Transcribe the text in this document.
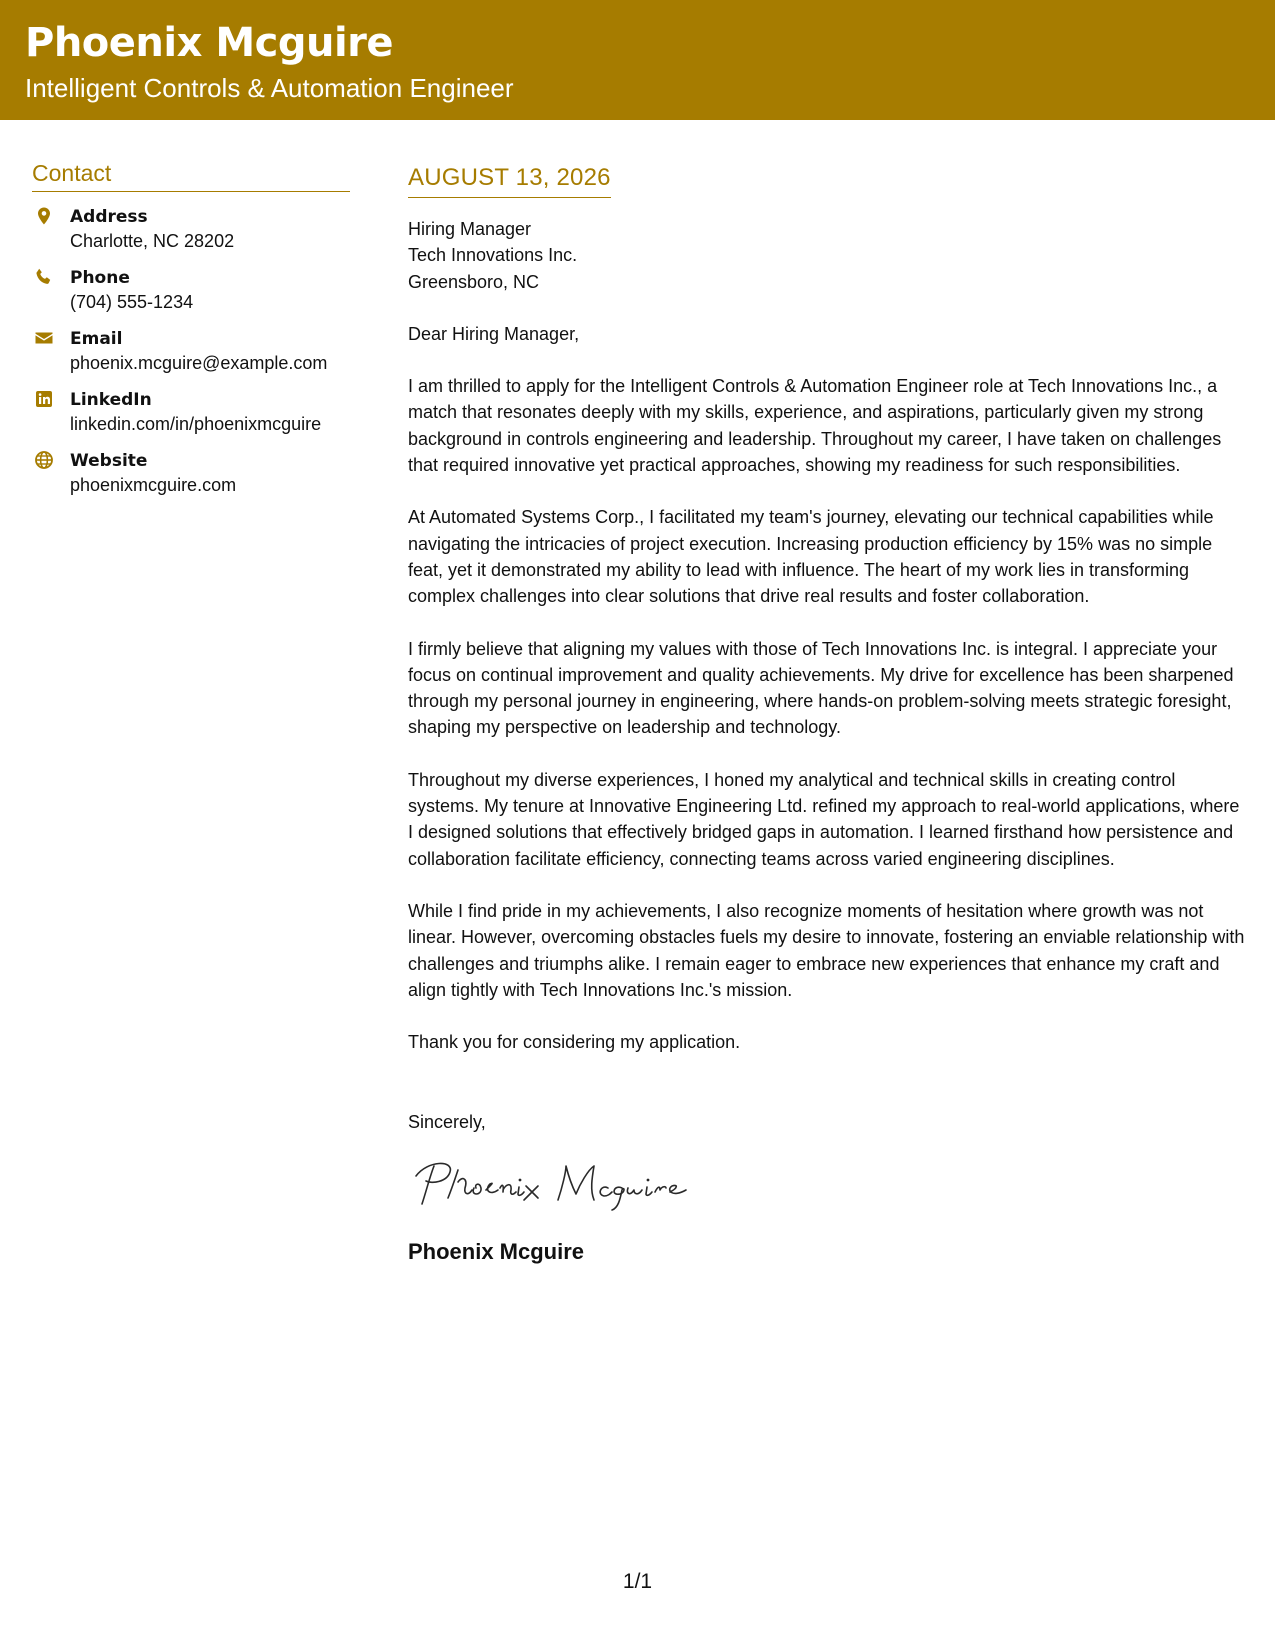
Phoenix Mcguire
Intelligent Controls & Automation Engineer
Contact
Address
Charlotte, NC 28202
Phone
(704) 555-1234
Email
phoenix.mcguire@example.com
LinkedIn
linkedin.com/in/phoenixmcguire
Website
phoenixmcguire.com
AUGUST 13, 2026
Hiring Manager
Tech Innovations Inc.
Greensboro, NC
Dear Hiring Manager,
I am thrilled to apply for the Intelligent Controls & Automation Engineer role at Tech Innovations Inc., a match that resonates deeply with my skills, experience, and aspirations, particularly given my strong background in controls engineering and leadership. Throughout my career, I have taken on challenges that required innovative yet practical approaches, showing my readiness for such responsibilities.
At Automated Systems Corp., I facilitated my team's journey, elevating our technical capabilities while navigating the intricacies of project execution. Increasing production efficiency by 15% was no simple feat, yet it demonstrated my ability to lead with influence. The heart of my work lies in transforming complex challenges into clear solutions that drive real results and foster collaboration.
I firmly believe that aligning my values with those of Tech Innovations Inc. is integral. I appreciate your focus on continual improvement and quality achievements. My drive for excellence has been sharpened through my personal journey in engineering, where hands-on problem-solving meets strategic foresight, shaping my perspective on leadership and technology.
Throughout my diverse experiences, I honed my analytical and technical skills in creating control systems. My tenure at Innovative Engineering Ltd. refined my approach to real-world applications, where I designed solutions that effectively bridged gaps in automation. I learned firsthand how persistence and collaboration facilitate efficiency, connecting teams across varied engineering disciplines.
While I find pride in my achievements, I also recognize moments of hesitation where growth was not linear. However, overcoming obstacles fuels my desire to innovate, fostering an enviable relationship with challenges and triumphs alike. I remain eager to embrace new experiences that enhance my craft and align tightly with Tech Innovations Inc.'s mission.
Thank you for considering my application.
Sincerely,
Phoenix Mcguire
1/1
